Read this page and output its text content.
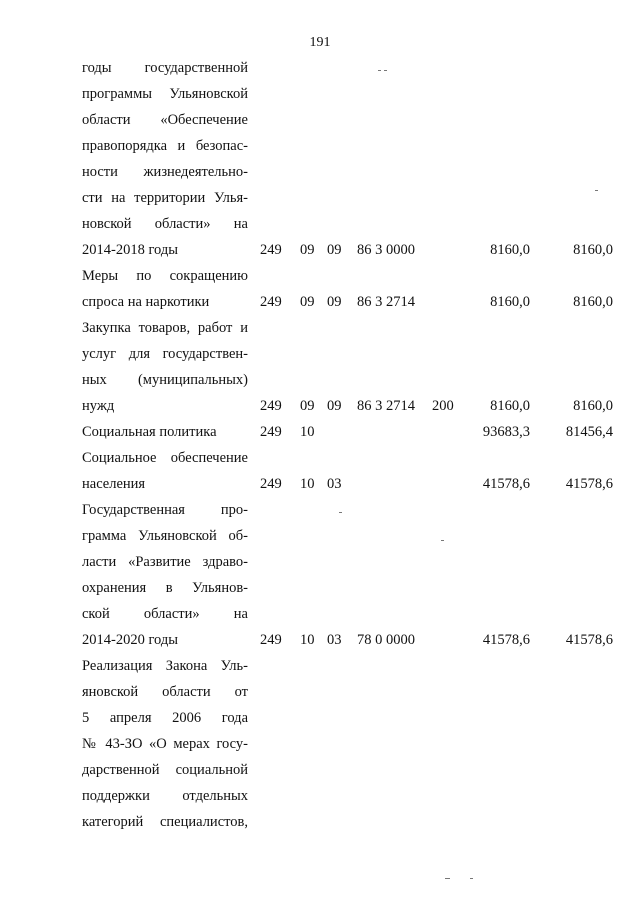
191
годы государственной
программы Ульяновской
области «Обеспечение
правопорядка и безопас-
ности жизнедеятельно-
сти на территории Улья-
новской области» на
2014-2018 годы	249 09 09 86 3 0000	8160,0	8160,0
Меры по сокращению
спроса на наркотики	249 09 09 86 3 2714	8160,0	8160,0
Закупка товаров, работ и
услуг для государствен-
ных (муниципальных)
нужд	249 09 09 86 3 2714 200	8160,0	8160,0
Социальная политика	249 10	93683,3 81456,4
Социальное обеспечение
населения	249 10 03	41578,6 41578,6
Государственная про-
грамма Ульяновской об-
ласти «Развитие здраво-
охранения в Ульянов-
ской области» на
2014-2020 годы	249 10 03 78 0 0000	41578,6 41578,6
Реализация Закона Уль-
яновской области от
5 апреля 2006 года
№ 43-ЗО «О мерах госу-
дарственной социальной
поддержки отдельных
категорий специалистов,
